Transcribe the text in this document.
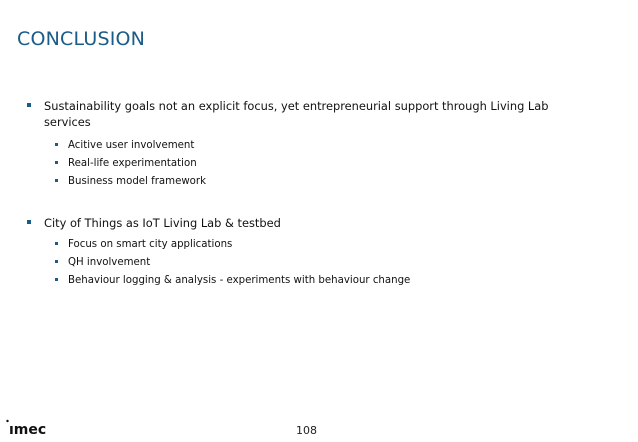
CONCLUSION
Sustainability goals not an explicit focus, yet entrepreneurial support through Living Lab services
Acitive user involvement
Real-life experimentation
Business model framework
City of Things as IoT Living Lab & testbed
Focus on smart city applications
QH involvement
Behaviour logging & analysis - experiments with behaviour change
ımec	108
